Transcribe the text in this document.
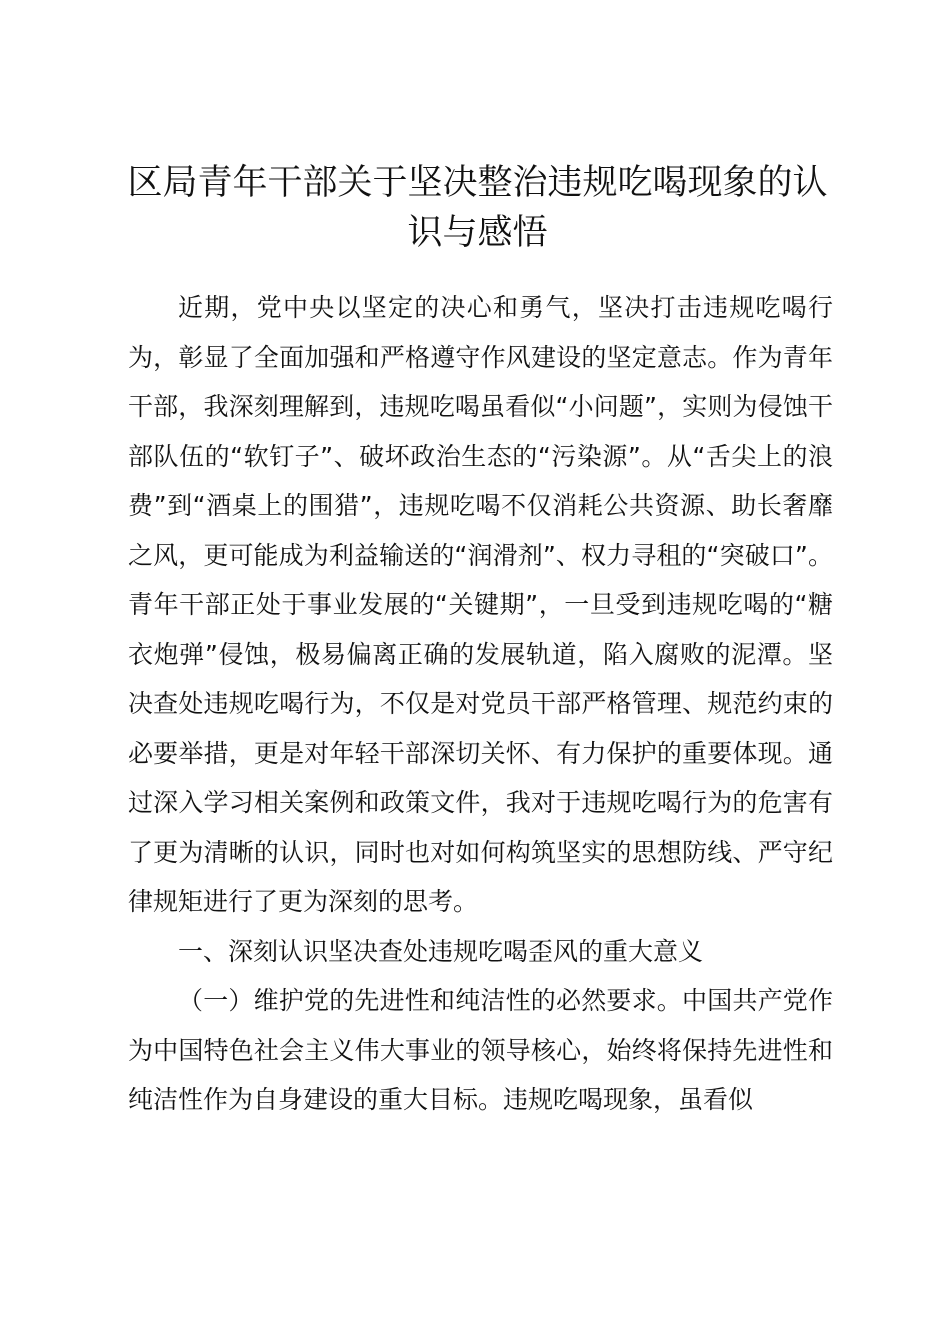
区局青年干部关于坚决整治违规吃喝现象的认识与感悟

近期，党中央以坚定的决心和勇气，坚决打击违规吃喝行为，彰显了全面加强和严格遵守作风建设的坚定意志。作为青年干部，我深刻理解到，违规吃喝虽看似“小问题”，实则为侵蚀干部队伍的“软钉子”、破坏政治生态的“污染源”。从“舌尖上的浪费”到“酒桌上的围猎”，违规吃喝不仅消耗公共资源、助长奢靡之风，更可能成为利益输送的“润滑剂”、权力寻租的“突破口”。青年干部正处于事业发展的“关键期”，一旦受到违规吃喝的“糖衣炮弹”侵蚀，极易偏离正确的发展轨道，陷入腐败的泥潭。坚决查处违规吃喝行为，不仅是对党员干部严格管理、规范约束的必要举措，更是对年轻干部深切关怀、有力保护的重要体现。通过深入学习相关案例和政策文件，我对于违规吃喝行为的危害有了更为清晰的认识，同时也对如何构筑坚实的思想防线、严守纪律规矩进行了更为深刻的思考。

一、深刻认识坚决查处违规吃喝歪风的重大意义

（一）维护党的先进性和纯洁性的必然要求。中国共产党作为中国特色社会主义伟大事业的领导核心，始终将保持先进性和纯洁性作为自身建设的重大目标。违规吃喝现象，虽看似
